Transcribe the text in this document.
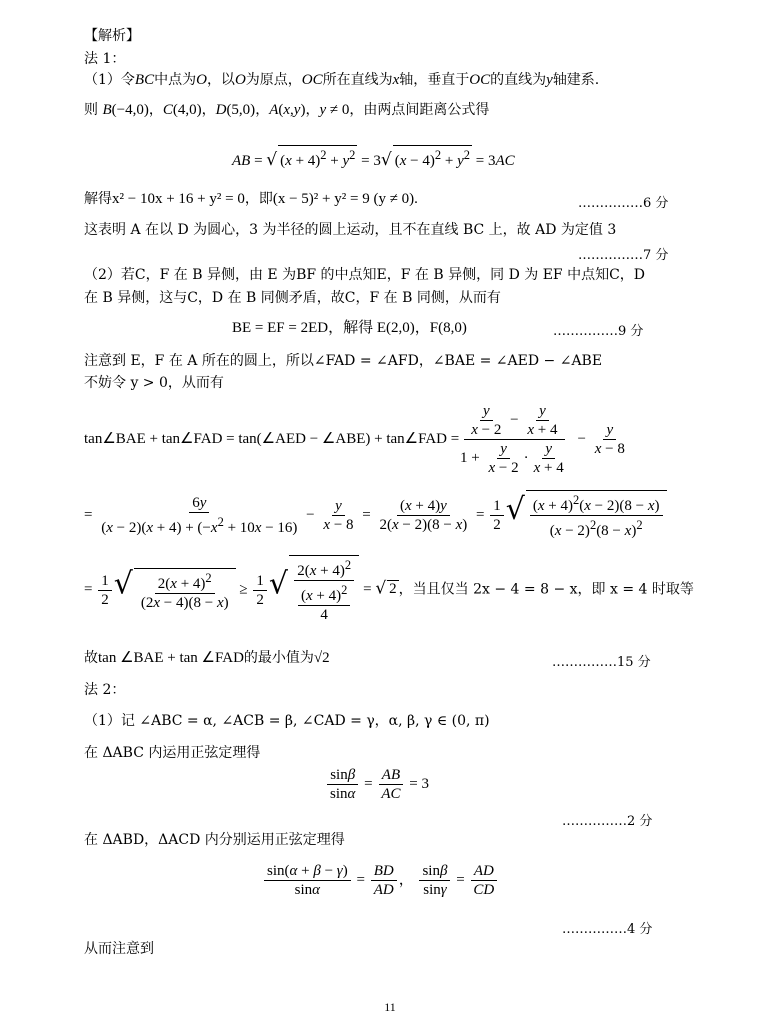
【解析】
法 1：
（1）令BC中点为O，以O为原点，OC所在直线为x轴，垂直于OC的直线为y轴建系.
则 B(−4,0)，C(4,0)，D(5,0)，A(x,y)，y ≠ 0，由两点间距离公式得
AB = √ $(x + 4)^2 + y^2 = 3√$ $(x - 4)^2 + y^2 = 3AC$
解得x² − 10x + 16 + y² = 0，即(x − 5)² + y² = 9 (y ≠ 0).	……………6 分
这表明 A 在以 D 为圆心，3 为半径的圆上运动，且不在直线 BC 上，故 AD 为定值 3
……………7 分
（2）若C，F 在 B 异侧，由 E 为BF 的中点知E，F 在 B 异侧，同 D 为 EF 中点知C，D
在 B 异侧，这与C，D 在 B 同侧矛盾，故C，F 在 B 同侧，从而有
BE = EF = 2ED，解得 E(2,0)，F(8,0)	……………9 分
注意到 E，F 在 A 所在的圆上，所以∠FAD = ∠AFD，∠BAE = ∠AED − ∠ABE
不妨令 y > 0，从而有
tan∠BAE + tan∠FAD = tan(∠AED − ∠ABE) + tan∠FAD =
$\frac{\frac{y}{x - 2} - \frac{y}{x + 4}}{1 + \frac{y}{x - 2} \cdot \frac{y}{x + 4}} - \frac{y}{x - 8}$
= $\frac{6y}{(x - 2)(x + 4) + (-x^2 + 10x - 16)} - \frac{y}{x - 8} = \frac{(x + 4)y}{2(x - 2)(8 - x)} = \frac{1}{2}$ √ $\frac{(x + 4)^2(x - 2)(8 - x)}{(x - 2)^2(8 - x)^2}$
= $\frac{1}{2}$ √ $\frac{2(x + 4)^2}{(2x - 4)(8 - x)} \ge \frac{1}{2}$ √ $\frac{2(x + 4)^2}{\frac{(x + 4)^2}{4}}$ = √ 2 ，当且仅当 2x − 4 = 8 − x，即 x = 4 时取等
故tan ∠BAE + tan ∠FAD的最小值为√2	……………15 分
法 2：
（1）记 ∠ABC = α, ∠ACB = β, ∠CAD = γ，α, β, γ ∈ (0, π)
在 ΔABC 内运用正弦定理得
$\frac{\sin\beta}{\sin\alpha} = \frac{AB}{AC} = 3$
……………2 分
在 ΔABD，ΔACD 内分别运用正弦定理得
$\frac{\sin(\alpha + \beta - \gamma)}{\sin\alpha} = \frac{BD}{AD}$ ， $\frac{\sin\beta}{\sin\gamma} = \frac{AD}{CD}$
……………4 分
从而注意到
11
